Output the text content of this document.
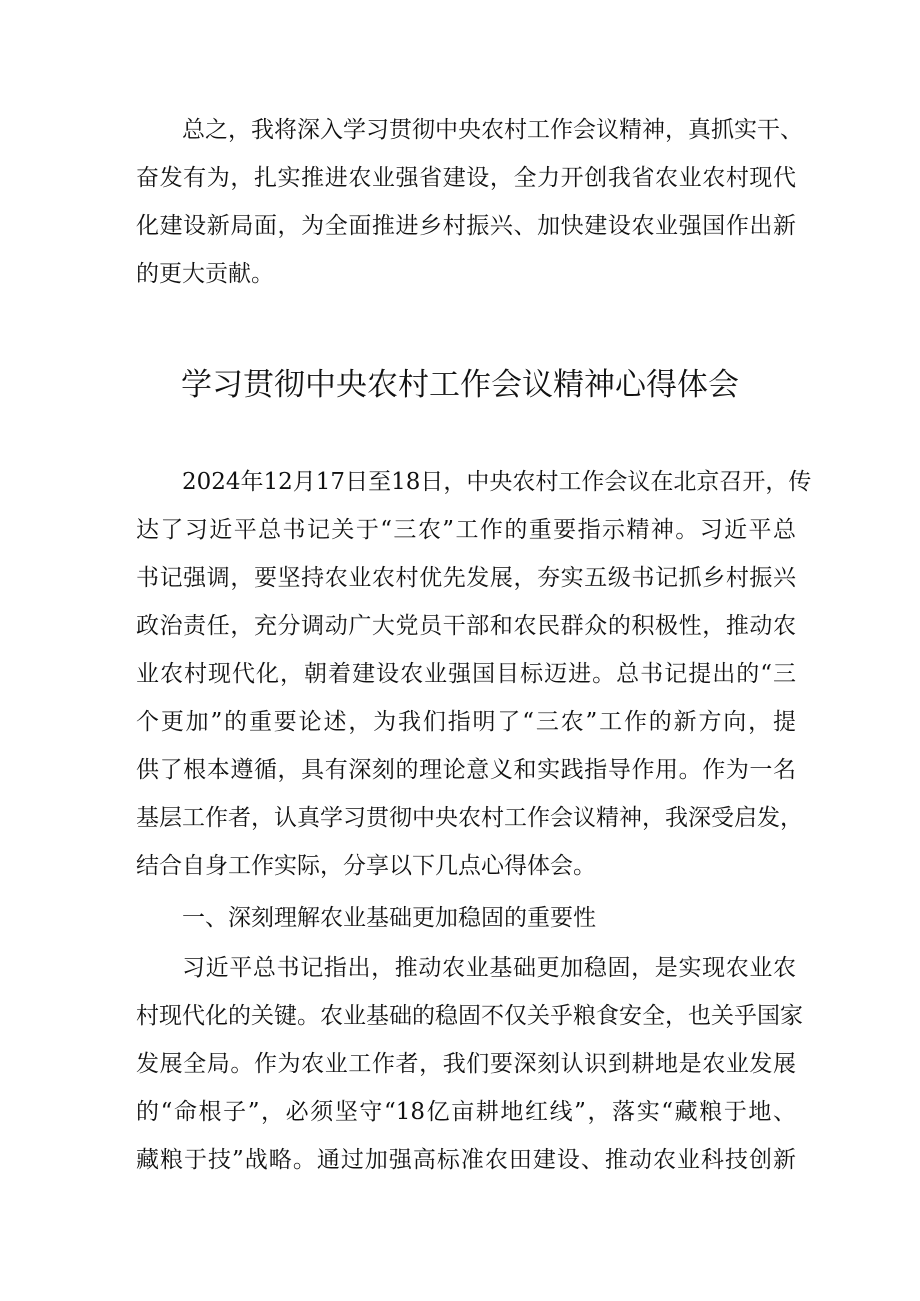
总之，我将深入学习贯彻中央农村工作会议精神，真抓实干、
奋发有为，扎实推进农业强省建设，全力开创我省农业农村现代
化建设新局面，为全面推进乡村振兴、加快建设农业强国作出新
的更大贡献。
学习贯彻中央农村工作会议精神心得体会
2024年12月17日至18日，中央农村工作会议在北京召开，传
达了习近平总书记关于“三农”工作的重要指示精神。习近平总
书记强调，要坚持农业农村优先发展，夯实五级书记抓乡村振兴
政治责任，充分调动广大党员干部和农民群众的积极性，推动农
业农村现代化，朝着建设农业强国目标迈进。总书记提出的“三
个更加”的重要论述，为我们指明了“三农”工作的新方向，提
供了根本遵循，具有深刻的理论意义和实践指导作用。作为一名
基层工作者，认真学习贯彻中央农村工作会议精神，我深受启发，
结合自身工作实际，分享以下几点心得体会。
一、深刻理解农业基础更加稳固的重要性
习近平总书记指出，推动农业基础更加稳固，是实现农业农
村现代化的关键。农业基础的稳固不仅关乎粮食安全，也关乎国家
发展全局。作为农业工作者，我们要深刻认识到耕地是农业发展
的“命根子”，必须坚守“18亿亩耕地红线”，落实“藏粮于地、
藏粮于技”战略。通过加强高标准农田建设、推动农业科技创新
